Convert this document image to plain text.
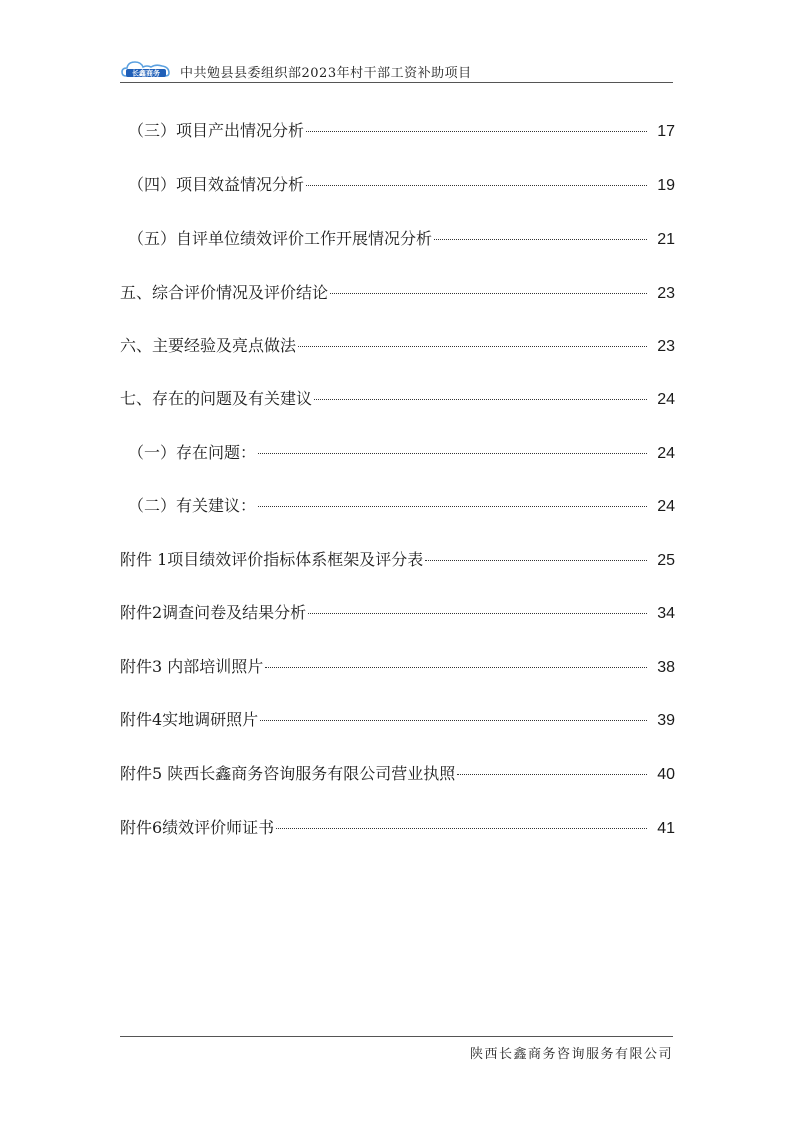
长鑫商务 中共勉县县委组织部2023年村干部工资补助项目
（三）项目产出情况分析	17
（四）项目效益情况分析	19
（五）自评单位绩效评价工作开展情况分析	21
五、综合评价情况及评价结论	23
六、主要经验及亮点做法	23
七、存在的问题及有关建议	24
（一）存在问题：	24
（二）有关建议：	24
附件 1项目绩效评价指标体系框架及评分表	25
附件2调查问卷及结果分析	34
附件3 内部培训照片	38
附件4实地调研照片	39
附件5 陕西长鑫商务咨询服务有限公司营业执照	40
附件6绩效评价师证书	41
陕西长鑫商务咨询服务有限公司
